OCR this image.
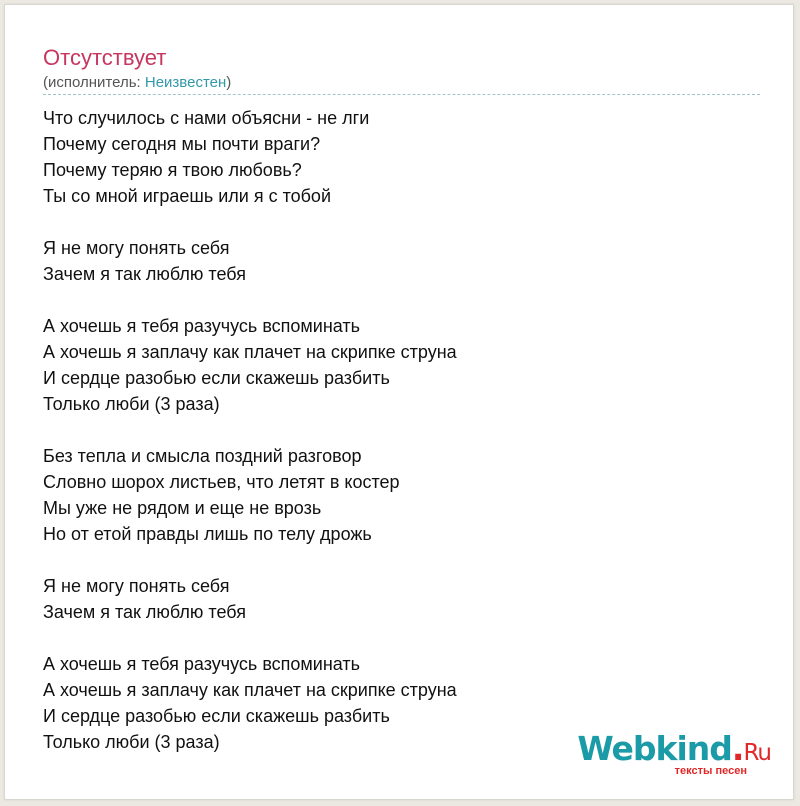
Отсутствует
(исполнитель: Неизвестен)
Что случилось с нами объясни - не лги
Почему сегодня мы почти враги?
Почему теряю я твою любовь?
Ты со мной играешь или я с тобой
Я не могу понять себя
Зачем я так люблю тебя
А хочешь я тебя разучусь вспоминать
А хочешь я заплачу как плачет на скрипке струна
И сердце разобью если скажешь разбить
Только люби (3 раза)
Без тепла и смысла поздний разговор
Словно шорох листьев, что летят в костер
Мы уже не рядом и еще не врозь
Но от етой правды лишь по телу дрожь
Я не могу понять себя
Зачем я так люблю тебя
А хочешь я тебя разучусь вспоминать
А хочешь я заплачу как плачет на скрипке струна
И сердце разобью если скажешь разбить
Только люби (3 раза)	Webkind.Ru
тексты песен
